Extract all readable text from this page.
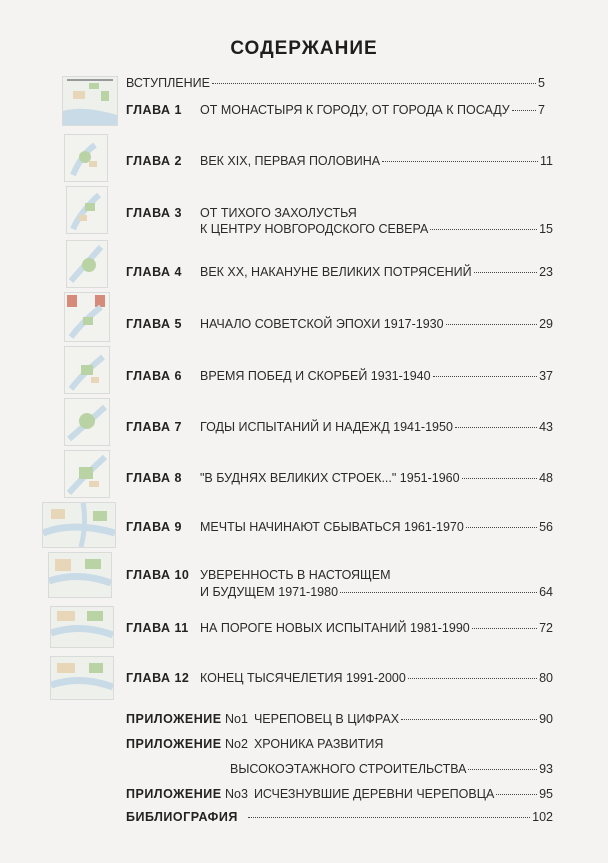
СОДЕРЖАНИЕ
ВСТУПЛЕНИЕ	5
ГЛАВА 1 ОТ МОНАСТЫРЯ К ГОРОДУ, ОТ ГОРОДА К ПОСАДУ 7
ГЛАВА 2 ВЕК XIX, ПЕРВАЯ ПОЛОВИНА	11
ГЛАВА 3 ОТ ТИХОГО ЗАХОЛУСТЬЯ
К ЦЕНТРУ НОВГОРОДСКОГО СЕВЕРА	15
ГЛАВА 4 ВЕК XX, НАКАНУНЕ ВЕЛИКИХ ПОТРЯСЕНИЙ	23
ГЛАВА 5 НАЧАЛО СОВЕТСКОЙ ЭПОХИ 1917-1930	29
ГЛАВА 6 ВРЕМЯ ПОБЕД И СКОРБЕЙ 1931-1940	37
ГЛАВА 7 ГОДЫ ИСПЫТАНИЙ И НАДЕЖД 1941-1950	43
ГЛАВА 8 "В БУДНЯХ ВЕЛИКИХ СТРОЕК..." 1951-1960	48
ГЛАВА 9 МЕЧТЫ НАЧИНАЮТ СБЫВАТЬСЯ 1961-1970	56
ГЛАВА 10 УВЕРЕННОСТЬ В НАСТОЯЩЕМ
И БУДУЩЕМ 1971-1980	64
ГЛАВА 11 НА ПОРОГЕ НОВЫХ ИСПЫТАНИЙ 1981-1990	72
ГЛАВА 12 КОНЕЦ ТЫСЯЧЕЛЕТИЯ 1991-2000	80
ПРИЛОЖЕНИЕ No1 ЧЕРЕПОВЕЦ В ЦИФРАХ	90
ПРИЛОЖЕНИЕ No2 ХРОНИКА РАЗВИТИЯ
ВЫСОКОЭТАЖНОГО СТРОИТЕЛЬСТВА	93
ПРИЛОЖЕНИЕ No3 ИСЧЕЗНУВШИЕ ДЕРЕВНИ ЧЕРЕПОВЦА	95
БИБЛИОГРАФИЯ	102
